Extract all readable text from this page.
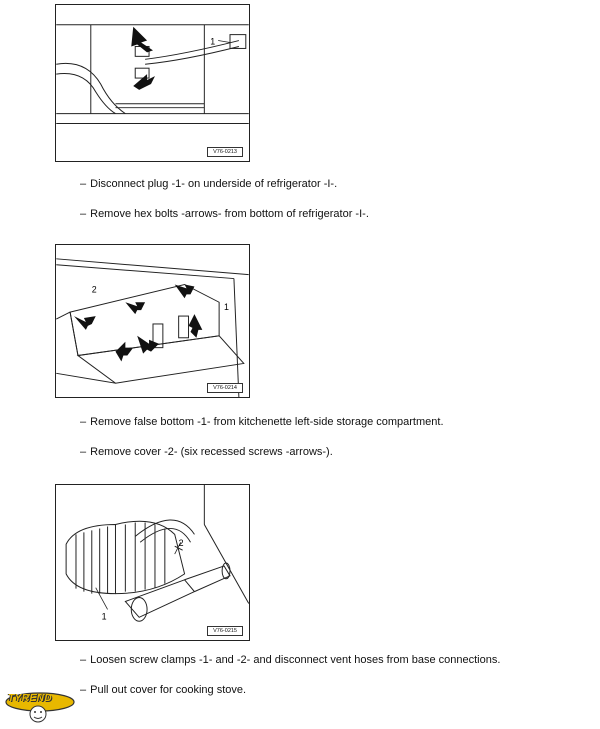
1
V76-0213
– Disconnect plug -1- on underside of refrigerator -I-.
– Remove hex bolts -arrows- from bottom of refrigerator -I-.
2
1
V76-0214
– Remove false bottom -1- from kitchenette left-side storage compartment.
– Remove cover -2- (six recessed screws -arrows-).
2
1
V76-0215
– Loosen screw clamps -1- and -2- and disconnect vent hoses from base connections.
– Pull out cover for cooking stove.
TYREND
